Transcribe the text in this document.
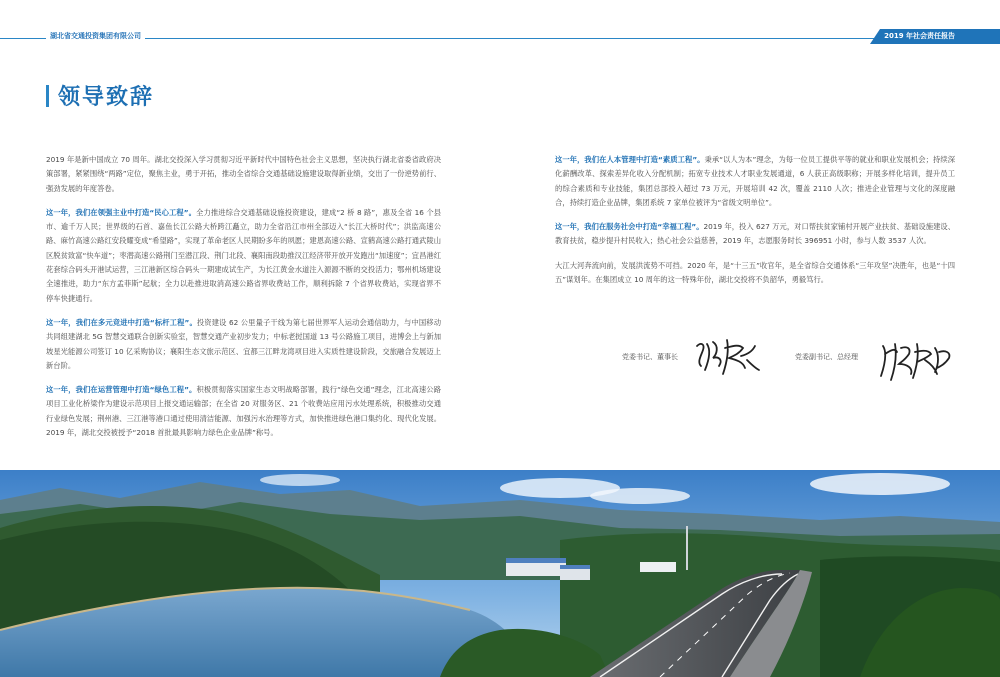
湖北省交通投资集团有限公司	2019 年社会责任报告
领导致辞

2019 年是新中国成立 70 周年。湖北交投深入学习贯彻习近平新时代中国特色社会主义思想，坚决执行湖北省委省政府决策部署，紧紧围绕“两路”定位，聚焦主业，勇于开拓，推动全省综合交通基础设施建设取得新业绩，交出了一份逆势前行、强劲发展的年度答卷。

这一年，我们在领强主业中打造“民心工程”。全力推进综合交通基础设施投资建设，建成“2 桥 8 路”，惠及全省 16 个县市、逾千万人民；世界级的石首、嘉鱼长江公路大桥跨江矗立，助力全省沿江市州全部迈入“长江大桥时代”；洪监高速公路、麻竹高速公路红安段耀变成“希望路”，实现了革命老区人民期盼多年的夙愿；建恩高速公路、宣鹤高速公路打通武陵山区脱贫致富“快车道”；枣潜高速公路荆门至潜江段、荆门北段、襄阳南段助推汉江经济带开放开发跑出“加速度”；宜昌港红花套综合码头开港试运营，三江港新区综合码头一期建成试生产，为长江黄金水道注入源源不断的交投活力；鄂州机场建设全速推进，助力“东方孟菲斯”起航；全力以赴推进取消高速公路省界收费站工作，顺利拆除 7 个省界收费站，实现省界不停车快捷通行。

这一年，我们在多元竞进中打造“标杆工程”。投资建设 62 公里量子干线为第七届世界军人运动会通信助力，与中国移动共同组建湖北 5G 智慧交通联合创新实验室，智慧交通产业初步发力；中标老挝国道 13 号公路施工项目，进博会上与新加坡星光能源公司签订 10 亿采购协议；襄阳生态文旅示范区、宜都三江畔龙湾项目进入实质性建设阶段，交旅融合发展迈上新台阶。

这一年，我们在运营管理中打造“绿色工程”。积极贯彻落实国家生态文明战略部署，践行“绿色交通”理念，江北高速公路项目工业化桥梁作为建设示范项目上报交通运输部；在全省 20 对服务区、21 个收费站应用污水处理系统，积极推动交通行业绿色发展；荆州港、三江港等港口通过使用清洁能源、加强污水治理等方式，加快推进绿色港口集约化、现代化发展。2019 年，湖北交投被授予“2018 首批最具影响力绿色企业品牌”称号。

这一年，我们在人本管理中打造“素质工程”。秉承“以人为本”理念，为每一位员工提供平等的就业和职业发展机会；持续深化薪酬改革、探索差异化收入分配机制；拓宽专业技术人才职业发展通道，6 人获正高级职称；开展多样化培训，提升员工的综合素质和专业技能，集团总部投入超过 73 万元，开展培训 42 次，覆盖 2110 人次；推进企业管理与文化的深度融合，持续打造企业品牌，集团系统 7 家单位被评为“省级文明单位”。

这一年，我们在服务社会中打造“幸福工程”。2019 年，投入 627 万元，对口帮扶贫家铺村开展产业扶贫、基础设施建设、教育扶贫，稳步提升村民收入；热心社会公益慈善，2019 年，志愿服务时长 396951 小时，参与人数 3537 人次。

大江大河奔流向前，发展洪流势不可挡。2020 年，是“十三五”收官年，是全省综合交通体系“三年攻坚”决胜年，也是“十四五”谋划年。在集团成立 10 周年的这一特殊年份，湖北交投将不负韶华，勇毅笃行。

党委书记、董事长	党委副书记、总经理
